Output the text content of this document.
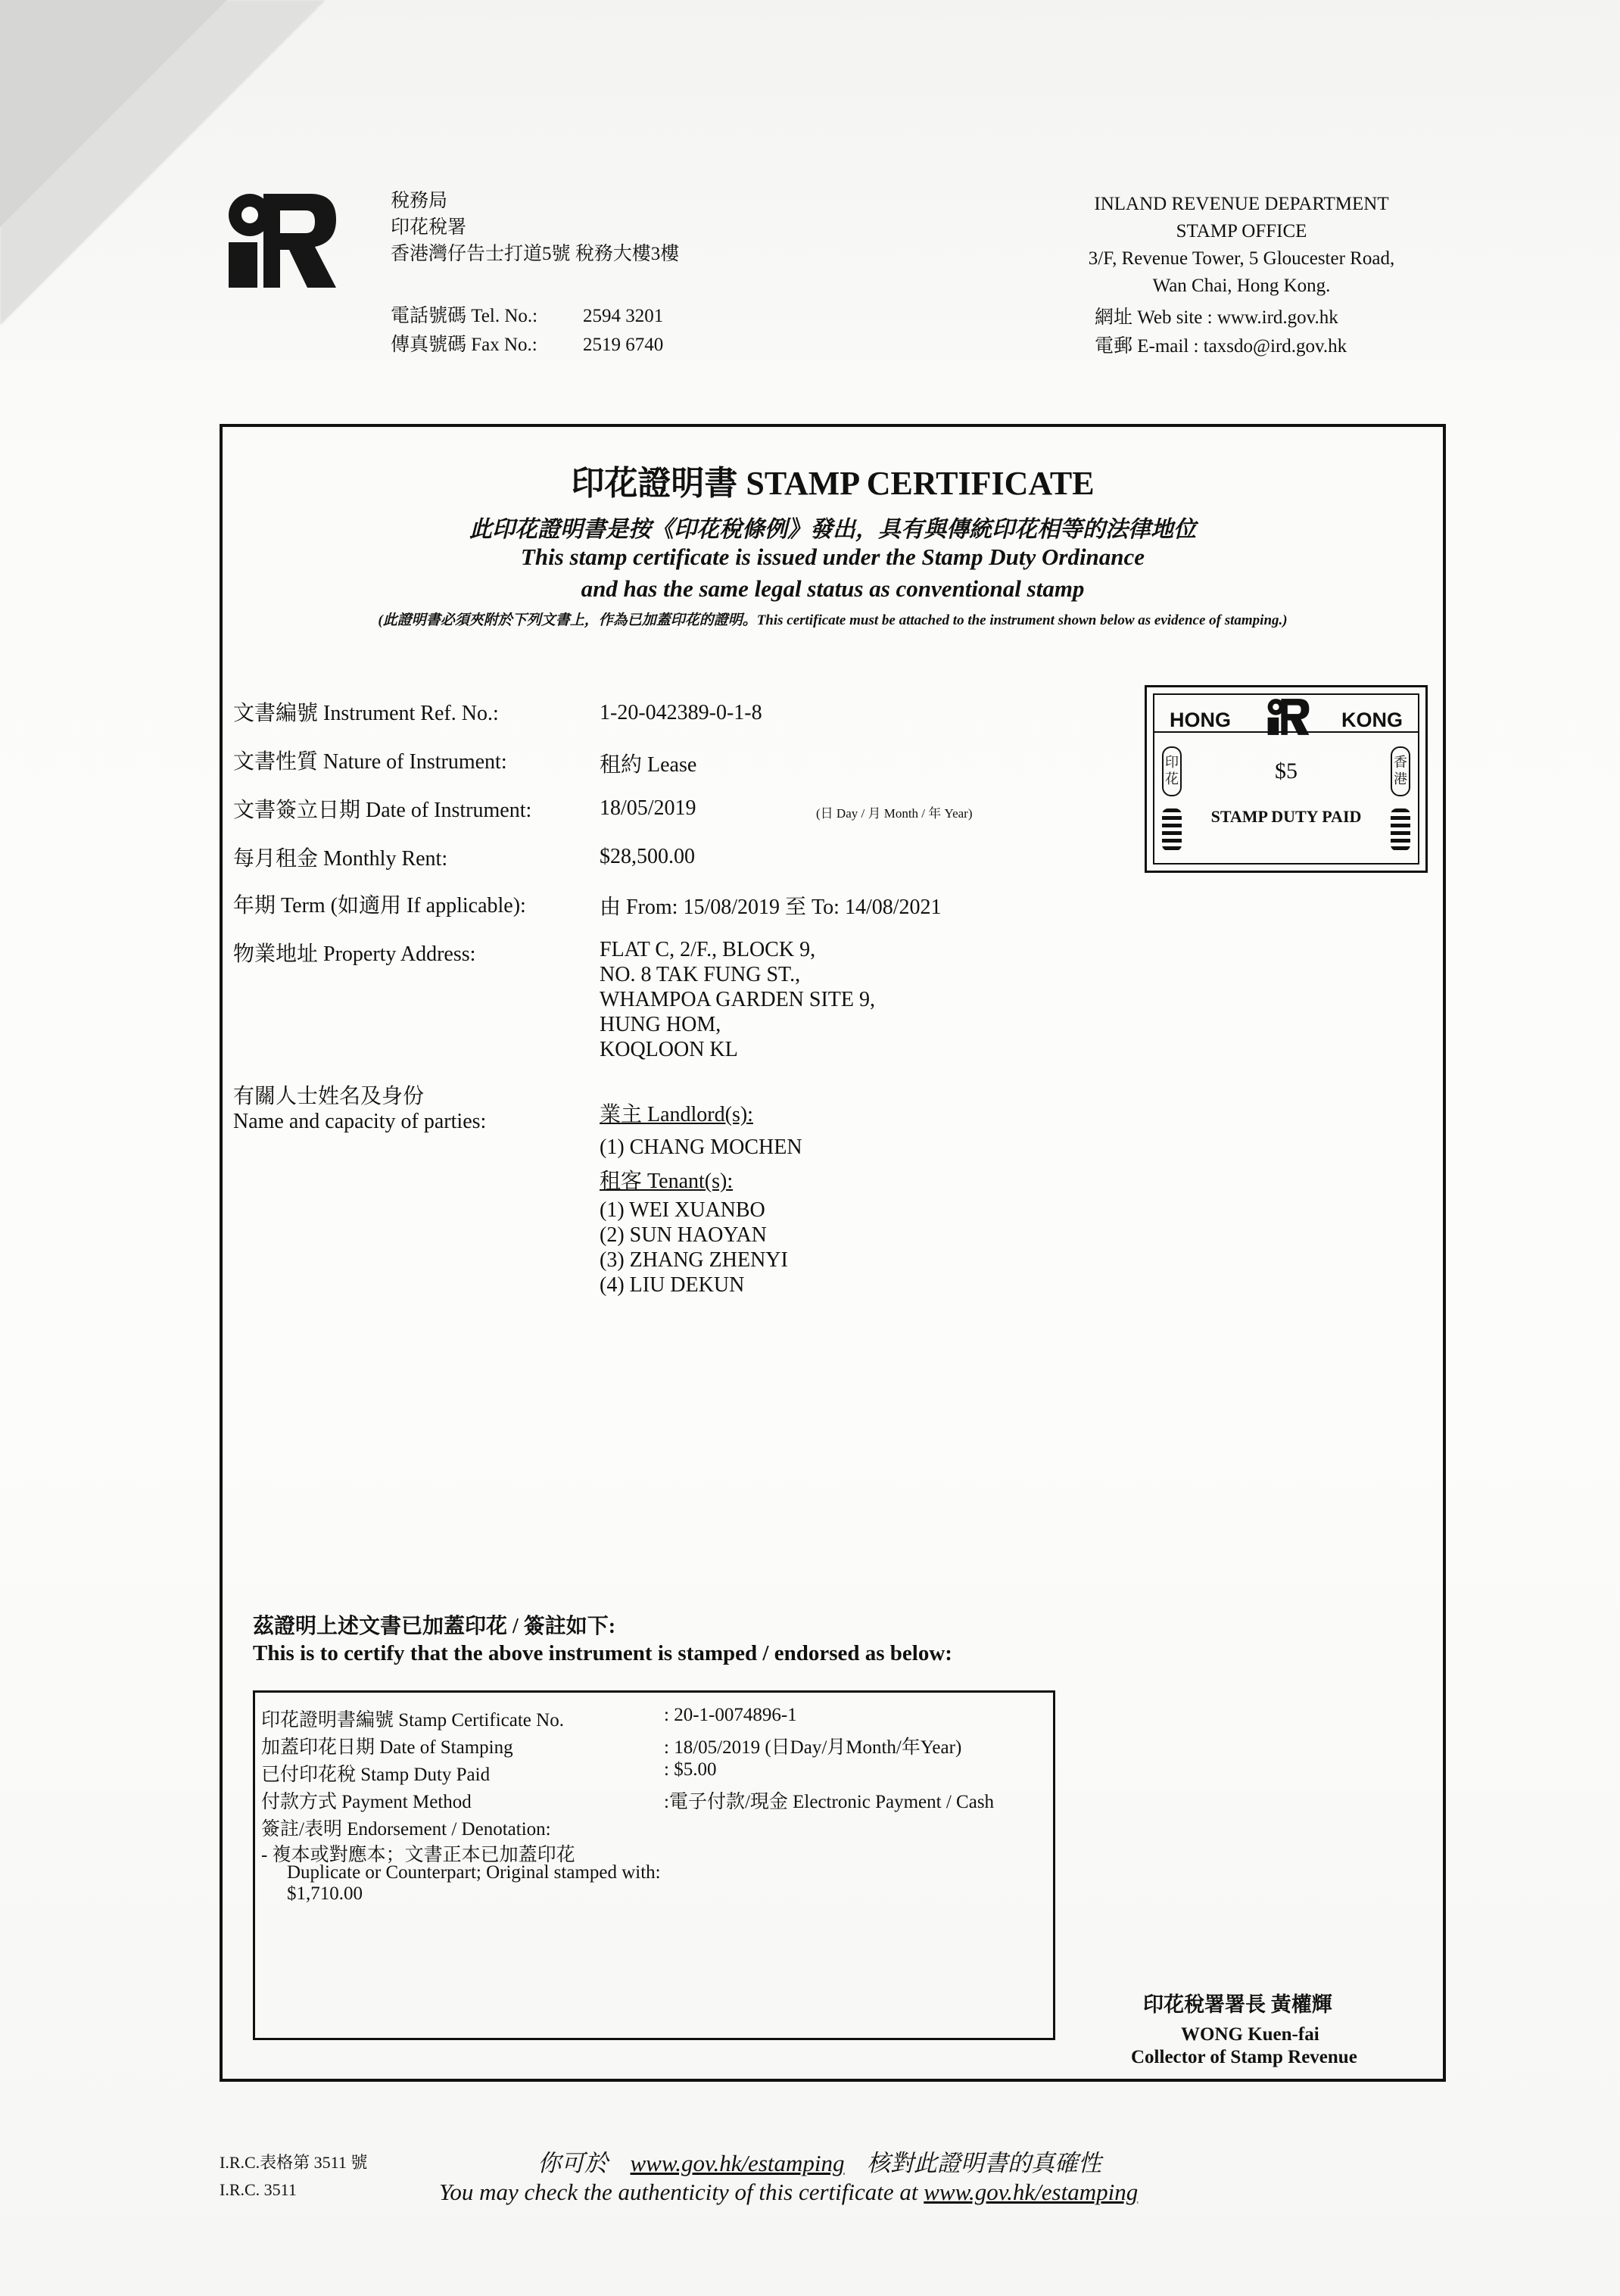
稅務局
印花稅署
香港灣仔告士打道5號 稅務大樓3樓
電話號碼 Tel. No.: 2594 3201
傳真號碼 Fax No.: 2519 6740
INLAND REVENUE DEPARTMENT
STAMP OFFICE
3/F, Revenue Tower, 5 Gloucester Road,
Wan Chai, Hong Kong.
網址 Web site : www.ird.gov.hk
電郵 E-mail : taxsdo@ird.gov.hk
印花證明書 STAMP CERTIFICATE
此印花證明書是按《印花稅條例》發出，具有與傳統印花相等的法律地位
This stamp certificate is issued under the Stamp Duty Ordinance
and has the same legal status as conventional stamp
(此證明書必須夾附於下列文書上，作為已加蓋印花的證明。This certificate must be attached to the instrument shown below as evidence of stamping.)
文書編號 Instrument Ref. No.:	1-20-042389-0-1-8
文書性質 Nature of Instrument:	租約 Lease
文書簽立日期 Date of Instrument:	18/05/2019	(日 Day / 月 Month / 年 Year)
每月租金 Monthly Rent:	$28,500.00
年期 Term (如適用 If applicable):	由 From: 15/08/2019 至 To: 14/08/2021
物業地址 Property Address:	FLAT C, 2/F., BLOCK 9,
NO. 8 TAK FUNG ST.,
WHAMPOA GARDEN SITE 9,
HUNG HOM,
KOQLOON KL
有關人士姓名及身份
Name and capacity of parties:	業主 Landlord(s):
(1) CHANG MOCHEN
租客 Tenant(s):
(1) WEI XUANBO
(2) SUN HAOYAN
(3) ZHANG ZHENYI
(4) LIU DEKUN
HONG	KONG
印花
香港
$5
STAMP DUTY PAID
茲證明上述文書已加蓋印花 / 簽註如下:
This is to certify that the above instrument is stamped / endorsed as below:
印花證明書編號 Stamp Certificate No.	: 20-1-0074896-1
加蓋印花日期 Date of Stamping	: 18/05/2019 (日Day/月Month/年Year)
已付印花稅 Stamp Duty Paid	: $5.00
付款方式 Payment Method	:電子付款/現金 Electronic Payment / Cash
簽註/表明 Endorsement / Denotation:
- 複本或對應本；文書正本已加蓋印花
Duplicate or Counterpart; Original stamped with:
$1,710.00
印花稅署署長 黃權輝
WONG Kuen-fai
Collector of Stamp Revenue
I.R.C.表格第 3511 號
I.R.C. 3511
你可於 www.gov.hk/estamping 核對此證明書的真確性
You may check the authenticity of this certificate at www.gov.hk/estamping
